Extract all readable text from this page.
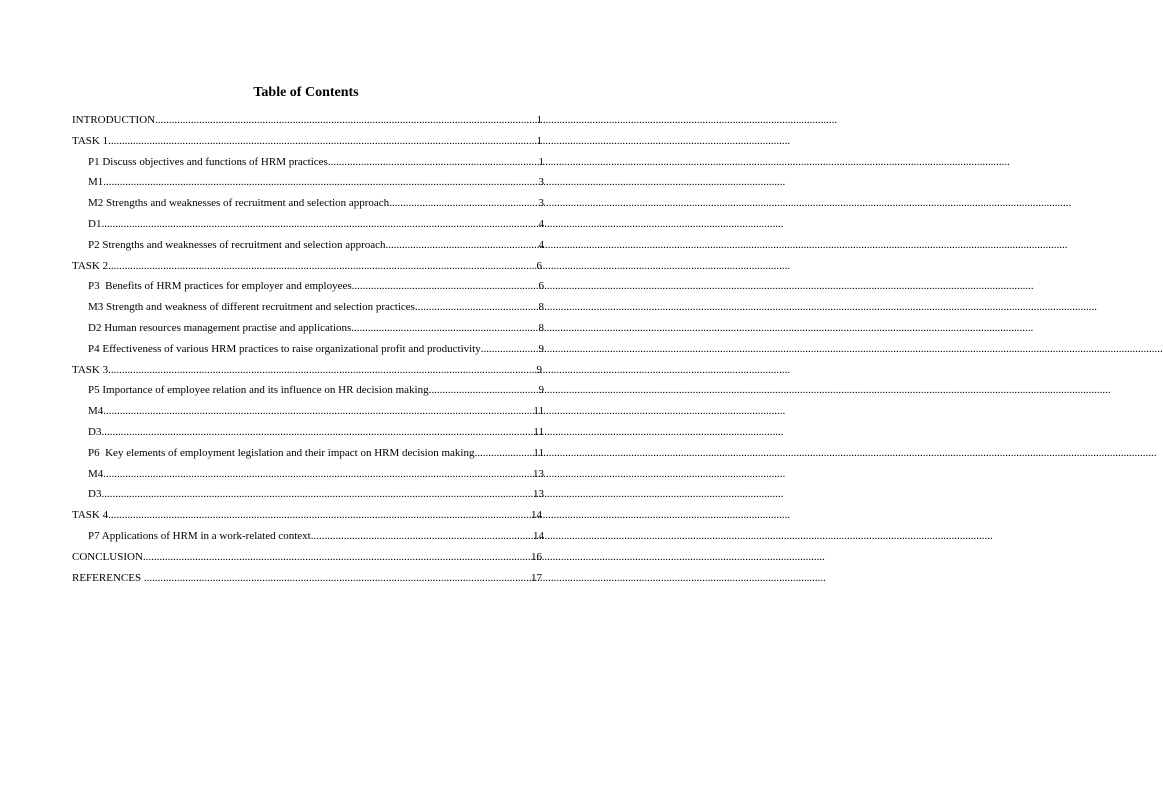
Table of Contents
INTRODUCTION .....	1
TASK 1 .....	1
P1 Discuss objectives and functions of HRM practices .....	1
M1 .....	3
M2 Strengths and weaknesses of recruitment and selection approach .....	3
D1 .....	4
P2 Strengths and weaknesses of recruitment and selection approach .....	4
TASK 2 .....	6
P3  Benefits of HRM practices for employer and employees .....	6
M3 Strength and weakness of different recruitment and selection practices .....	8
D2 Human resources management practise and applications .....	8
P4 Effectiveness of various HRM practices to raise organizational profit and productivity .....	9
TASK 3 .....	9
P5 Importance of employee relation and its influence on HR decision making .....	9
M4 .....	11
D3 .....	11
P6  Key elements of employment legislation and their impact on HRM decision making .....	11
M4 .....	13
D3 .....	13
TASK 4 .....	14
P7 Applications of HRM in a work-related context .....	14
CONCLUSION .....	16
REFERENCES .....	17
